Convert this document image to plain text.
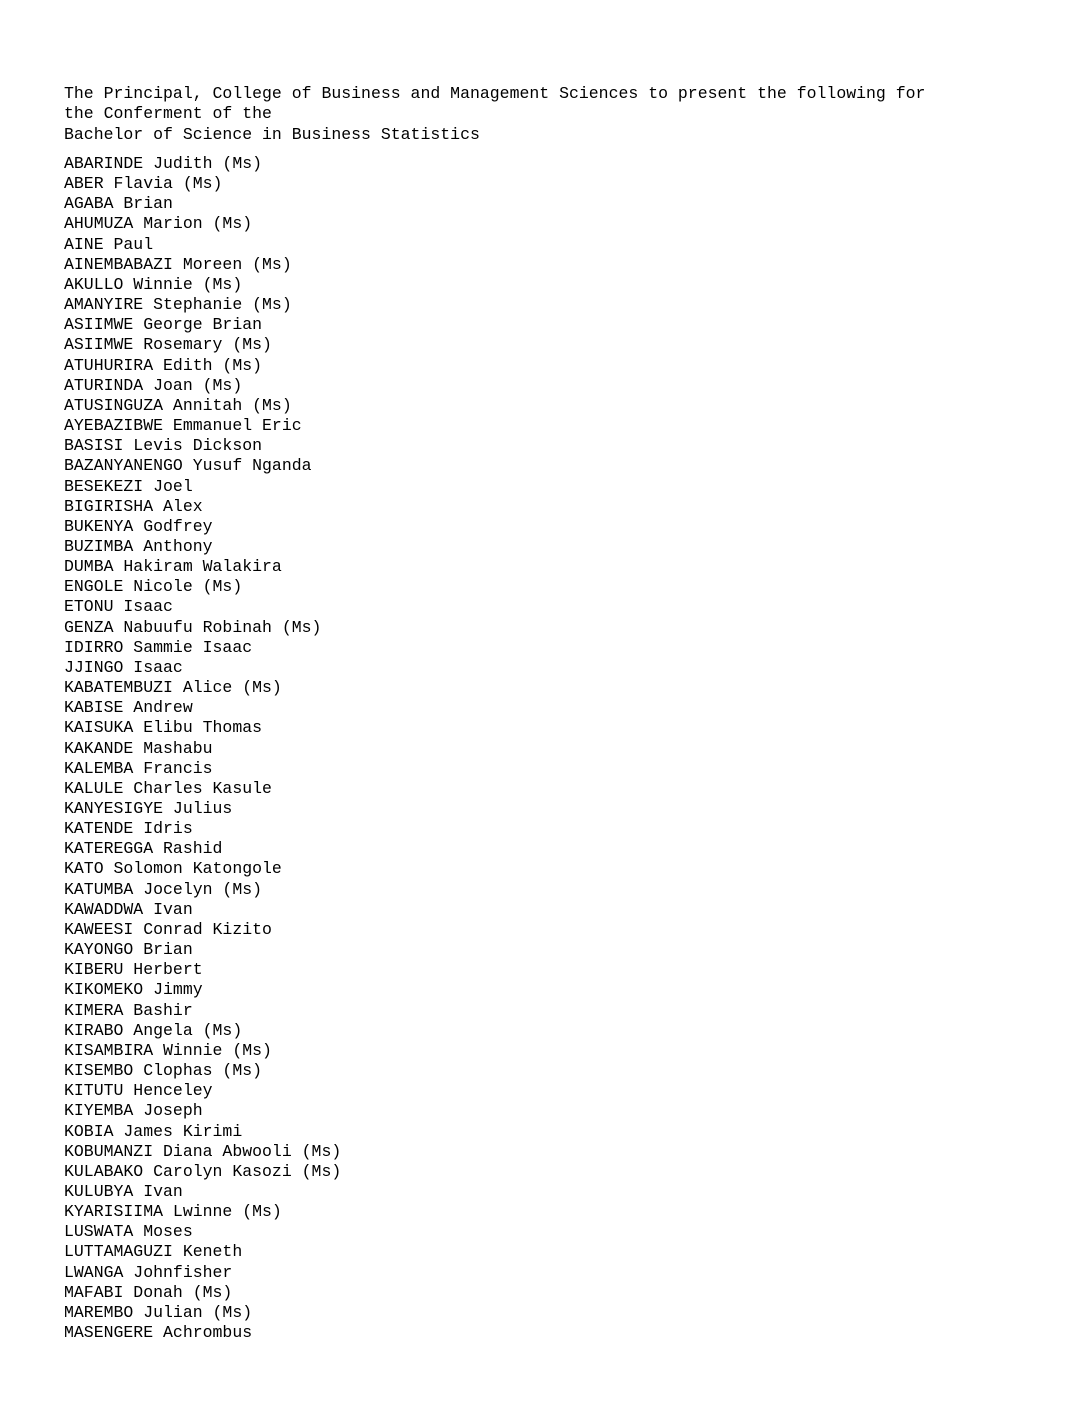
The Principal, College of Business and Management Sciences to present the following for
the Conferment of the
Bachelor of Science in Business Statistics
ABARINDE Judith (Ms)
ABER Flavia (Ms)
AGABA Brian
AHUMUZA Marion (Ms)
AINE Paul
AINEMBABAZI Moreen (Ms)
AKULLO Winnie (Ms)
AMANYIRE Stephanie (Ms)
ASIIMWE George Brian
ASIIMWE Rosemary (Ms)
ATUHURIRA Edith (Ms)
ATURINDA Joan (Ms)
ATUSINGUZA Annitah (Ms)
AYEBAZIBWE Emmanuel Eric
BASISI Levis Dickson
BAZANYANENGO Yusuf Nganda
BESEKEZI Joel
BIGIRISHA Alex
BUKENYA Godfrey
BUZIMBA Anthony
DUMBA Hakiram Walakira
ENGOLE Nicole (Ms)
ETONU Isaac
GENZA Nabuufu Robinah (Ms)
IDIRRO Sammie Isaac
JJINGO Isaac
KABATEMBUZI Alice (Ms)
KABISE Andrew
KAISUKA Elibu Thomas
KAKANDE Mashabu
KALEMBA Francis
KALULE Charles Kasule
KANYESIGYE Julius
KATENDE Idris
KATEREGGA Rashid
KATO Solomon Katongole
KATUMBA Jocelyn (Ms)
KAWADDWA Ivan
KAWEESI Conrad Kizito
KAYONGO Brian
KIBERU Herbert
KIKOMEKO Jimmy
KIMERA Bashir
KIRABO Angela (Ms)
KISAMBIRA Winnie (Ms)
KISEMBO Clophas (Ms)
KITUTU Henceley
KIYEMBA Joseph
KOBIA James Kirimi
KOBUMANZI Diana Abwooli (Ms)
KULABAKO Carolyn Kasozi (Ms)
KULUBYA Ivan
KYARISIIMA Lwinne (Ms)
LUSWATA Moses
LUTTAMAGUZI Keneth
LWANGA Johnfisher
MAFABI Donah (Ms)
MAREMBO Julian (Ms)
MASENGERE Achrombus
